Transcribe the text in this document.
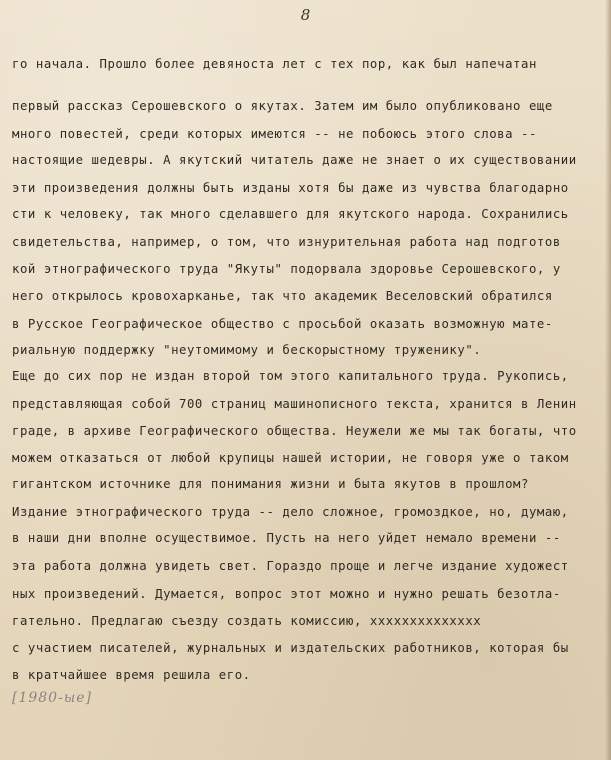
8

го начала. Прошло более девяноста лет с тех пор, как был напечатан

первый рассказ Серошевского о якутах. Затем им было опубликовано еще

много повестей, среди которых имеются -- не побоюсь этого слова --

настоящие шедевры. А якутский читатель даже не знает о их существовании

эти произведения должны быть изданы хотя бы даже из чувства благодарно

сти к человеку, так много сделавшего для якутского народа. Сохранились

свидетельства, например, о том, что изнурительная работа над подготов

кой этнографического труда "Якуты" подорвала здоровье Серошевского, у

него открылось кровохарканье, так что академик Веселовский обратился

в Русское Географическое общество с просьбой оказать возможную мате-

риальную поддержку "неутомимому и бескорыстному труженику".

Еще до сих пор не издан второй том этого капитального труда. Рукопись,

представляющая собой 700 страниц машинописного текста, хранится в Ленин

граде, в архиве Географического общества. Неужели же мы так богаты, что

можем отказаться от любой крупицы нашей истории, не говоря уже о таком

гигантском источнике для понимания жизни и быта якутов в прошлом?

Издание этнографического труда -- дело сложное, громоздкое, но, думаю,

в наши дни вполне осуществимое. Пусть на него уйдет немало времени --

эта работа должна увидеть свет. Гораздо проще и легче издание художест

ных произведений. Думается, вопрос этот можно и нужно решать безотла-

гательно. Предлагаю съезду создать комиссию, xxxxxxxxxxxxxx

с участием писателей, журнальных и издательских работников, которая бы

в кратчайшее время решила его.

[1980-ые]
